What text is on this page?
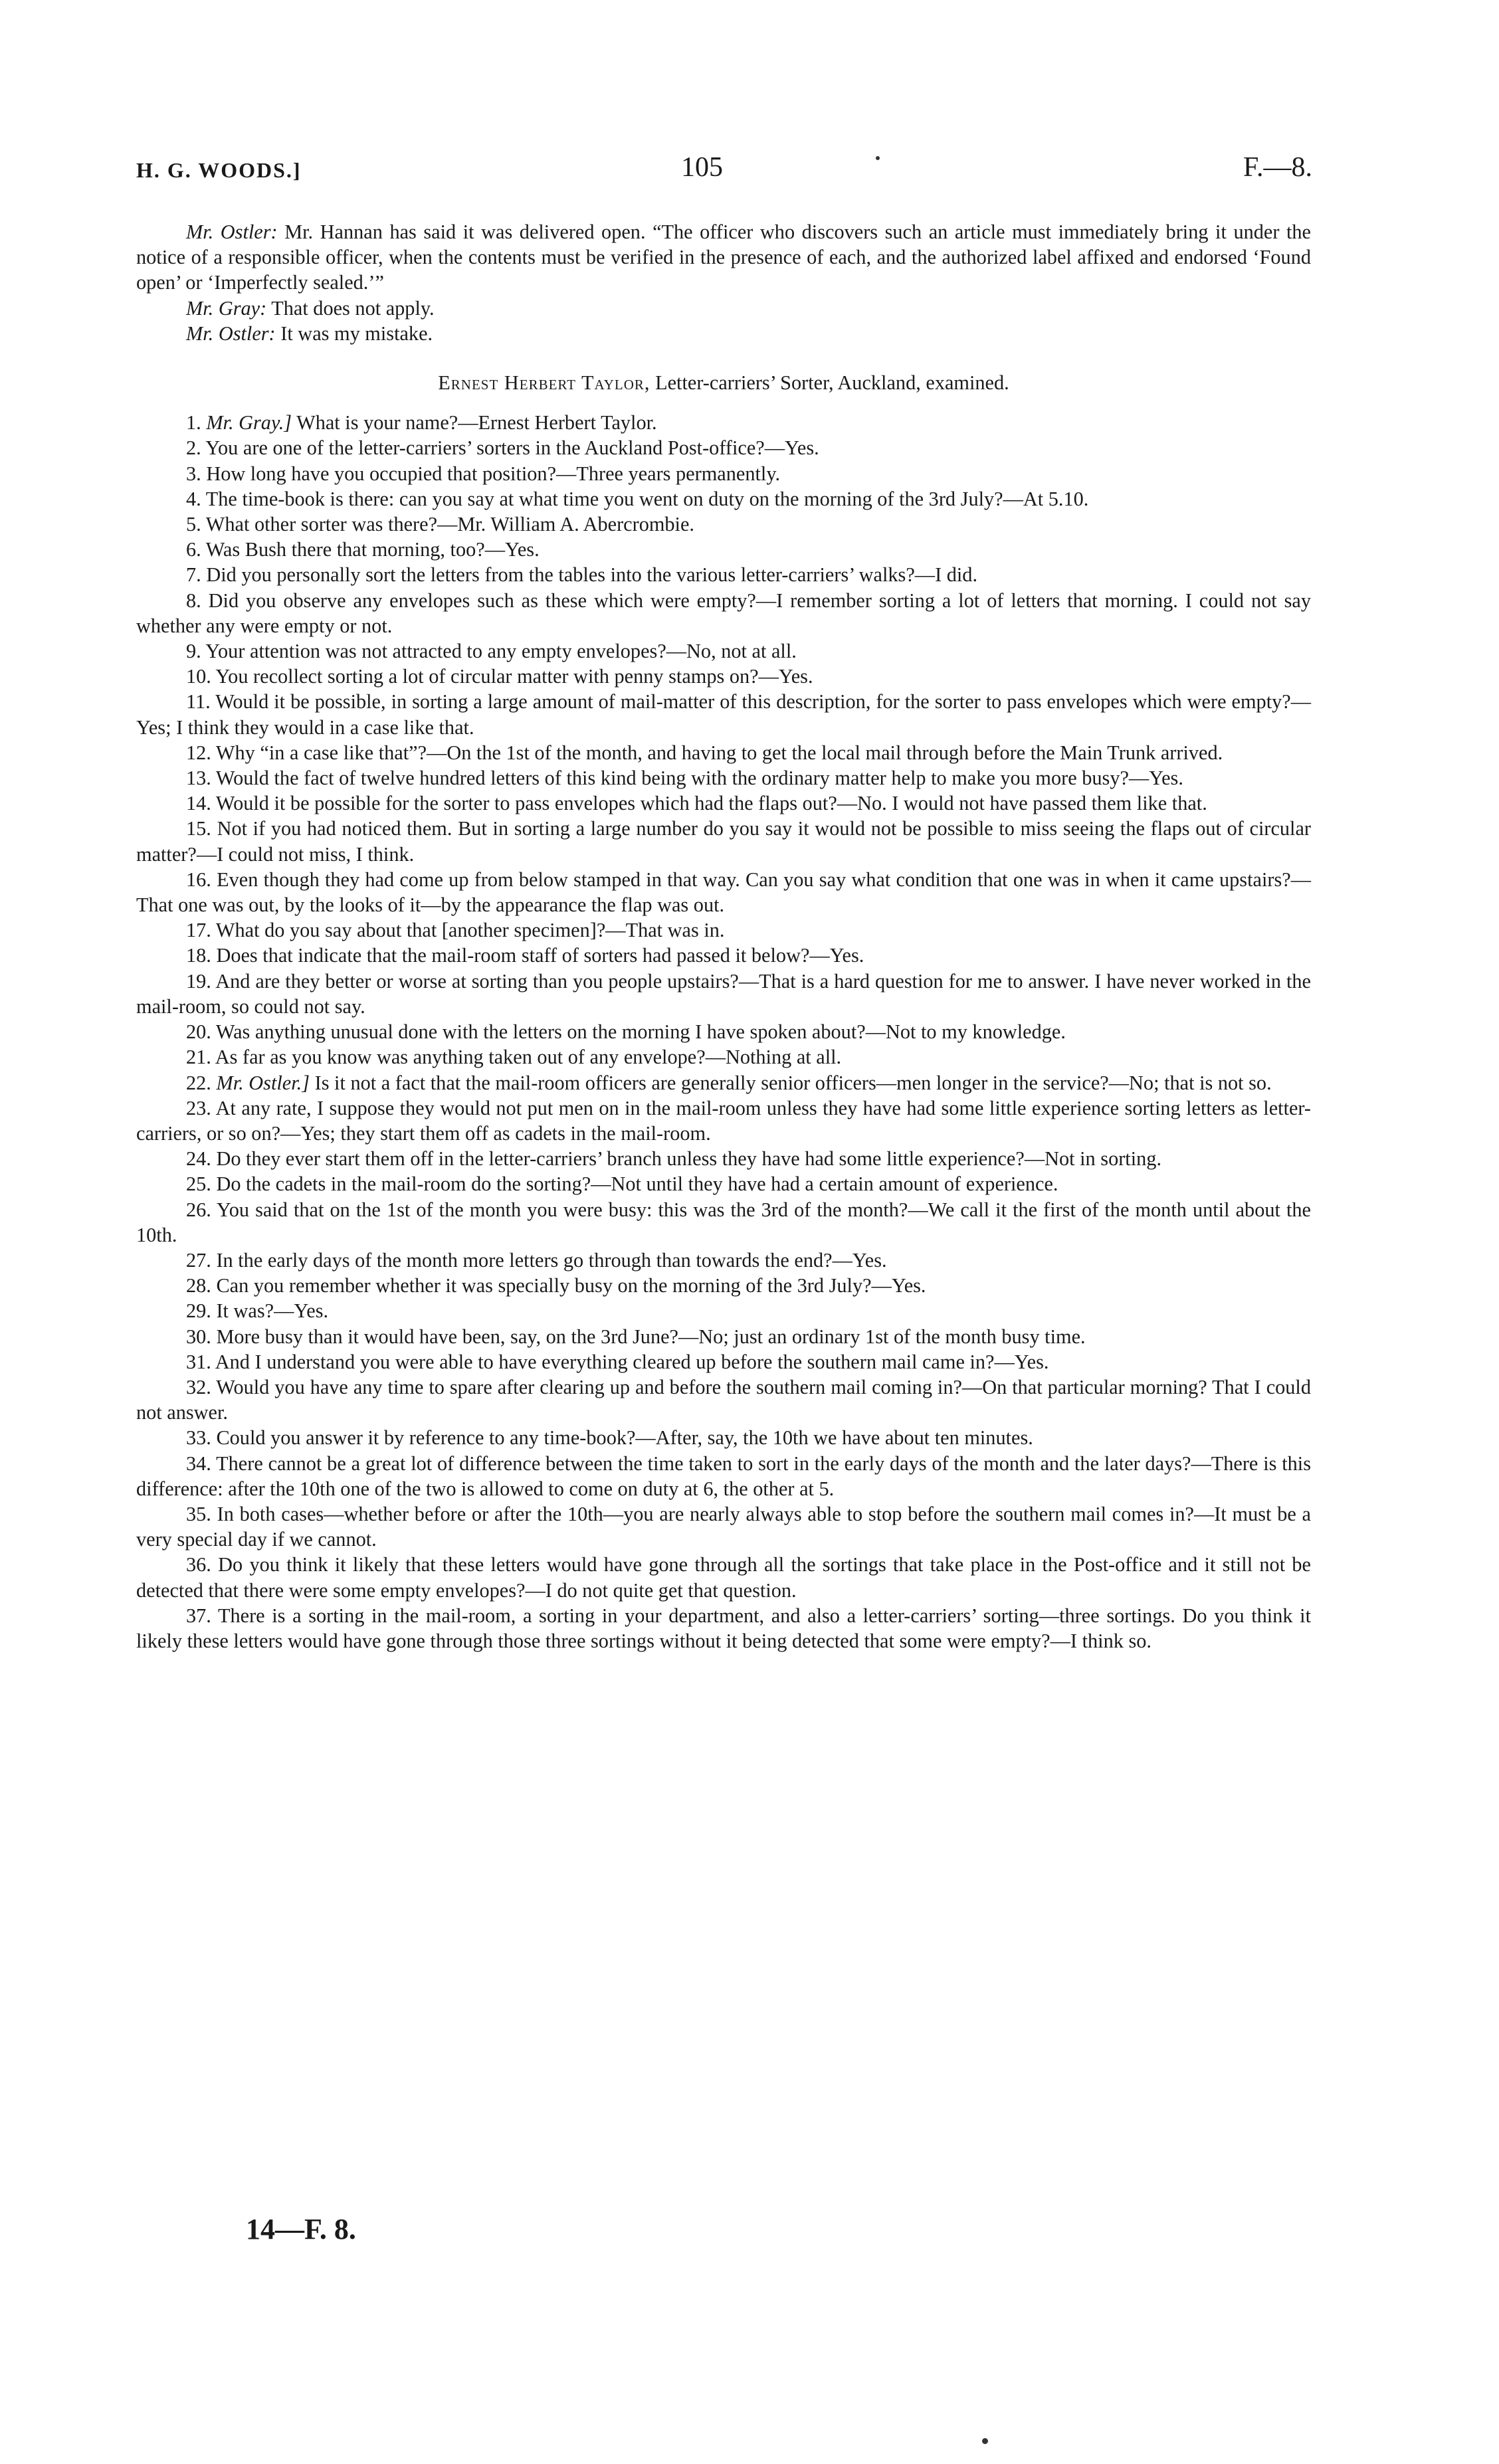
H. G. WOODS.]	105	F.—8.

Mr. Ostler: Mr. Hannan has said it was delivered open. “The officer who discovers such an article must immediately bring it under the notice of a responsible officer, when the contents must be verified in the presence of each, and the authorized label affixed and endorsed ‘Found open’ or ‘Imperfectly sealed.’”

Mr. Gray: That does not apply.

Mr. Ostler: It was my mistake.

Ernest Herbert Taylor, Letter-carriers’ Sorter, Auckland, examined.

1. Mr. Gray.] What is your name?—Ernest Herbert Taylor.

2. You are one of the letter-carriers’ sorters in the Auckland Post-office?—Yes.

3. How long have you occupied that position?—Three years permanently.

4. The time-book is there: can you say at what time you went on duty on the morning of the 3rd July?—At 5.10.

5. What other sorter was there?—Mr. William A. Abercrombie.

6. Was Bush there that morning, too?—Yes.

7. Did you personally sort the letters from the tables into the various letter-carriers’ walks?—I did.

8. Did you observe any envelopes such as these which were empty?—I remember sorting a lot of letters that morning. I could not say whether any were empty or not.

9. Your attention was not attracted to any empty envelopes?—No, not at all.

10. You recollect sorting a lot of circular matter with penny stamps on?—Yes.

11. Would it be possible, in sorting a large amount of mail-matter of this description, for the sorter to pass envelopes which were empty?—Yes; I think they would in a case like that.

12. Why “in a case like that”?—On the 1st of the month, and having to get the local mail through before the Main Trunk arrived.

13. Would the fact of twelve hundred letters of this kind being with the ordinary matter help to make you more busy?—Yes.

14. Would it be possible for the sorter to pass envelopes which had the flaps out?—No. I would not have passed them like that.

15. Not if you had noticed them. But in sorting a large number do you say it would not be possible to miss seeing the flaps out of circular matter?—I could not miss, I think.

16. Even though they had come up from below stamped in that way. Can you say what condition that one was in when it came upstairs?—That one was out, by the looks of it—by the appearance the flap was out.

17. What do you say about that [another specimen]?—That was in.

18. Does that indicate that the mail-room staff of sorters had passed it below?—Yes.

19. And are they better or worse at sorting than you people upstairs?—That is a hard question for me to answer. I have never worked in the mail-room, so could not say.

20. Was anything unusual done with the letters on the morning I have spoken about?—Not to my knowledge.

21. As far as you know was anything taken out of any envelope?—Nothing at all.

22. Mr. Ostler.] Is it not a fact that the mail-room officers are generally senior officers—men longer in the service?—No; that is not so.

23. At any rate, I suppose they would not put men on in the mail-room unless they have had some little experience sorting letters as letter-carriers, or so on?—Yes; they start them off as cadets in the mail-room.

24. Do they ever start them off in the letter-carriers’ branch unless they have had some little experience?—Not in sorting.

25. Do the cadets in the mail-room do the sorting?—Not until they have had a certain amount of experience.

26. You said that on the 1st of the month you were busy: this was the 3rd of the month?—We call it the first of the month until about the 10th.

27. In the early days of the month more letters go through than towards the end?—Yes.

28. Can you remember whether it was specially busy on the morning of the 3rd July?—Yes.

29. It was?—Yes.

30. More busy than it would have been, say, on the 3rd June?—No; just an ordinary 1st of the month busy time.

31. And I understand you were able to have everything cleared up before the southern mail came in?—Yes.

32. Would you have any time to spare after clearing up and before the southern mail coming in?—On that particular morning? That I could not answer.

33. Could you answer it by reference to any time-book?—After, say, the 10th we have about ten minutes.

34. There cannot be a great lot of difference between the time taken to sort in the early days of the month and the later days?—There is this difference: after the 10th one of the two is allowed to come on duty at 6, the other at 5.

35. In both cases—whether before or after the 10th—you are nearly always able to stop before the southern mail comes in?—It must be a very special day if we cannot.

36. Do you think it likely that these letters would have gone through all the sortings that take place in the Post-office and it still not be detected that there were some empty envelopes?—I do not quite get that question.

37. There is a sorting in the mail-room, a sorting in your department, and also a letter-carriers’ sorting—three sortings. Do you think it likely these letters would have gone through those three sortings without it being detected that some were empty?—I think so.

14—F. 8.
